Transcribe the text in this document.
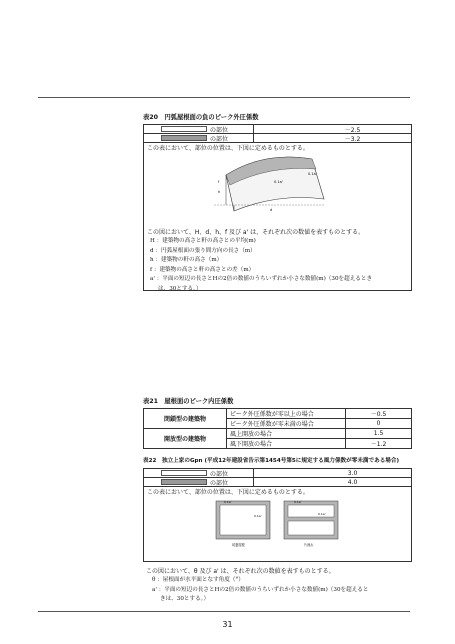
表20　円弧屋根面の負のピーク外圧係数
の部位	－2.5
の部位	－3.2
この表において、部位の位置は、下図に定めるものとする。
0.1a'
0.1a'
h
f
d
この図において、H、d、h、f 及び a' は、それぞれ次の数値を表すものとする。
H ：建築物の高さと軒の高さとの平均(m)
d ：円弧屋根面の張り間方向の長さ（m）
h ：建築物の軒の高さ（m）
f ：建築物の高さと軒の高さとの差（m）
a' ：平面の短辺の長さとHの2倍の数値のうちいずれか小さな数値(m)（30を超えるとき
は、30とする。）
表21　屋根面のピーク内圧係数
閉鎖型の建築物	ピーク外圧係数が零以上の場合	－0.5
	ピーク外圧係数が零未満の場合	0
開放型の建築物	風上開放の場合	1.5
	風下開放の場合	－1.2
表22　独立上家のGpn (平成12年建設省告示第1454号第5に規定する風力係数が零未満である場合)
の部位	3.0
の部位	4.0
この表において、部位の位置は、下図に定めるものとする。
0.1a'
0.1a'
0.1a'
0.1a'
切妻屋根	片流れ
この図において、θ 及び a' は、それぞれ次の数値を表すものとする。
θ ：屋根面が水平面となす角度（°）
a' ：平面の短辺の長さとHの2倍の数値のうちいずれか小さな数値(m)（30を超えると
きは、30とする。）
31
